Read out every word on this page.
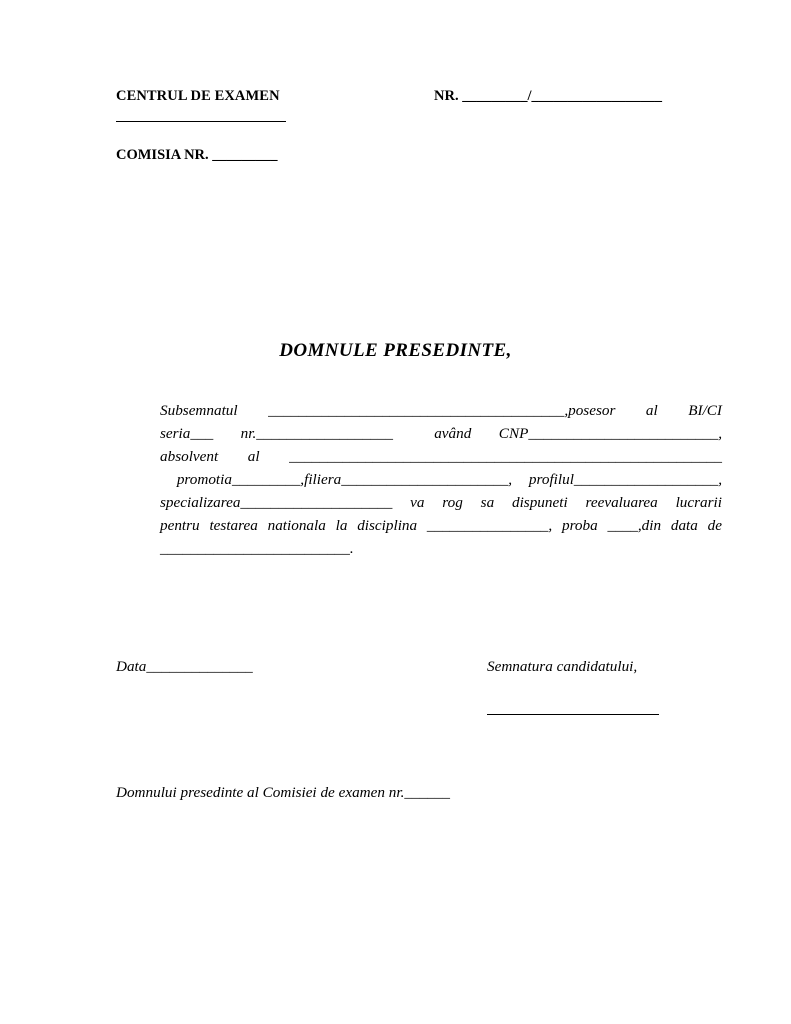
CENTRUL DE EXAMEN	NR. _________/__________________
COMISIA NR. _________
DOMNULE PRESEDINTE,

Subsemnatul  _______________________________________,posesor  al  BI/CI
seria___    nr.__________________      având    CNP_________________________,
absolvent al _________________________________________________________
promotia_________,filiera______________________, profilul___________________,
specializarea____________________  va  rog  sa  dispuneti  reevaluarea  lucrarii
pentru testarea nationala la disciplina ________________, proba ____,din data de
_________________________.

Data______________	Semnatura candidatului,
Domnului presedinte al Comisiei de examen nr.______
